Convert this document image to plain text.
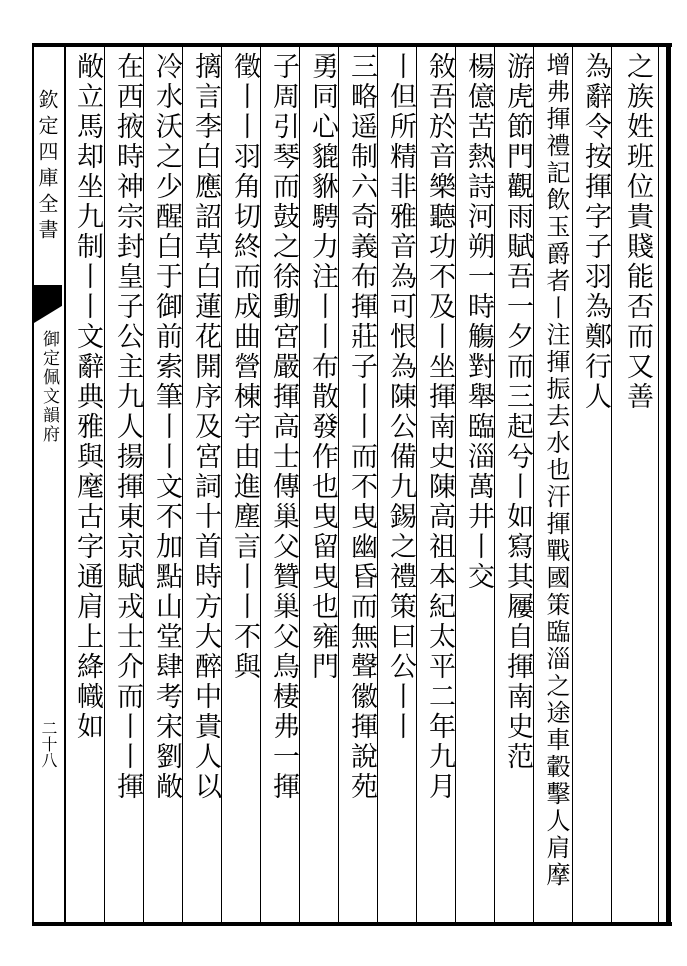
欽定四庫全書
御定佩文韻府
二十八
之族姓班位貴賤能否而又善
為辭令按揮字子羽為鄭行人
增弗揮禮記飲玉爵者丨注揮振去水也汗揮戰國策臨淄之途車轂擊人肩摩
游虎節門觀雨賦吾一夕而三起兮丨如寫其屨自揮南史范
楊億苦熱詩河朔一時觴對舉臨淄萬井丨交
敘吾於音樂聽功不及丨坐揮南史陳高祖本紀太平二年九月
丨但所精非雅音為可恨為陳公備九錫之禮策曰公丨丨
三略遥制六奇義布揮莊子丨丨而不曳幽昏而無聲徽揮說苑
勇同心貔貅騁力注丨丨布散發作也曳留曳也雍門
子周引琴而鼓之徐動宮嚴揮高士傳巢父贊巢父鳥棲弗一揮
徵丨丨羽角切終而成曲營棟宇由進塵言丨丨不與
摛言李白應詔草白蓮花開序及宮詞十首時方大醉中貴人以
冷水沃之少醒白于御前索筆丨丨文不加點山堂肆考宋劉敞
在西掖時神宗封皇子公主九人揚揮東京賦戎士介而丨丨揮
敞立馬却坐九制丨丨文辭典雅與麾古字通肩上絳幟如
